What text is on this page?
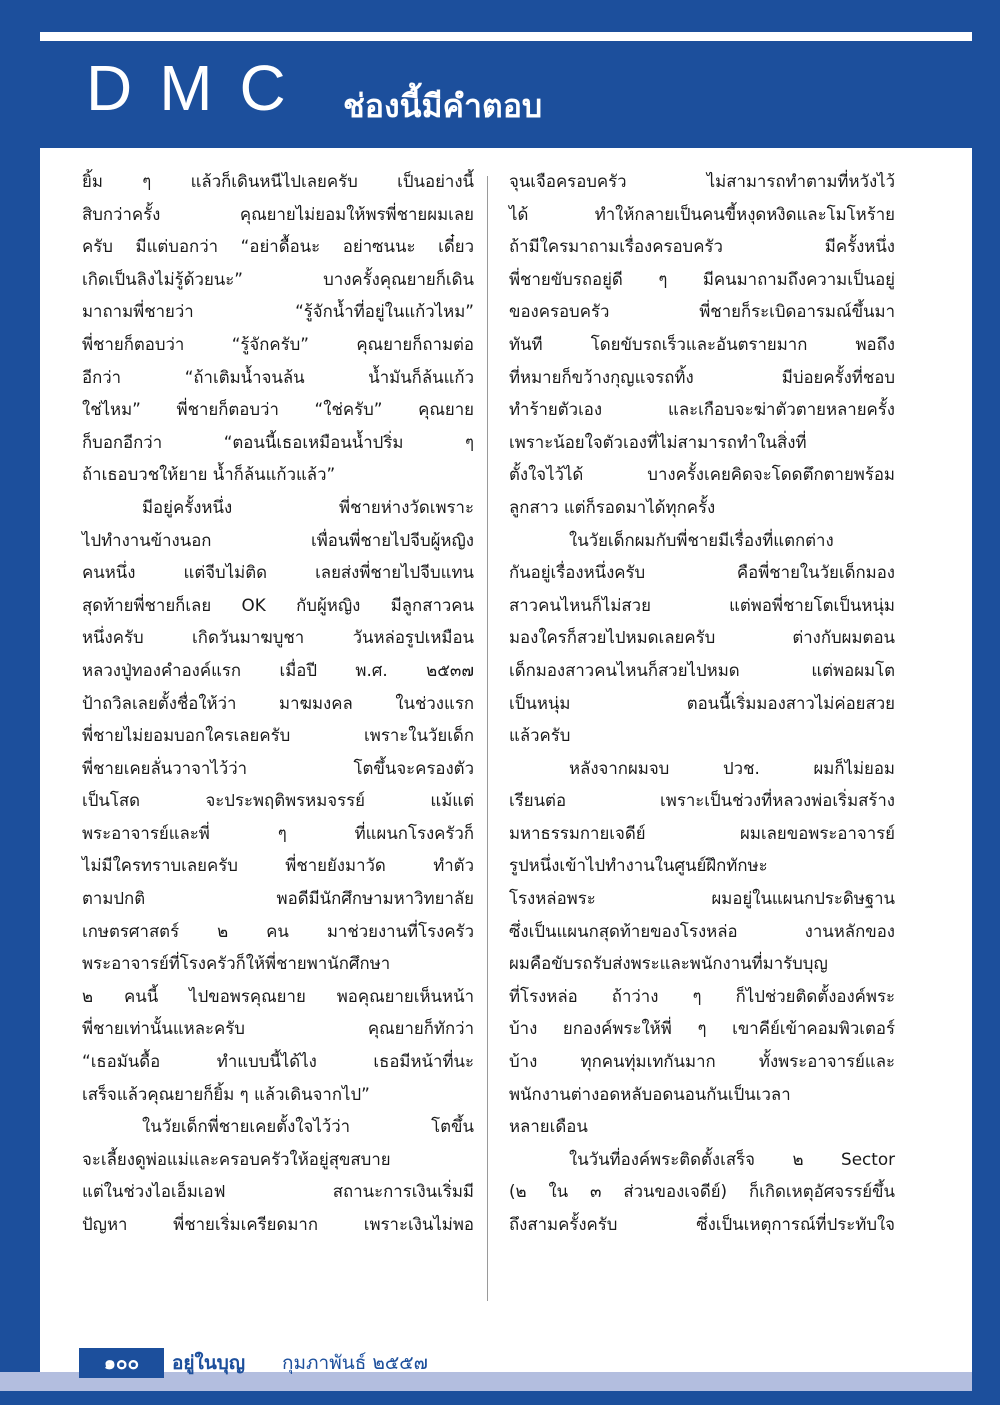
DMC ช่องนี้มีคำตอบ

ยิ้ม ๆ แล้วก็เดินหนีไปเลยครับ เป็นอย่างนี้

สิบกว่าครั้ง คุณยายไม่ยอมให้พรพี่ชายผมเลย

ครับ มีแต่บอกว่า “อย่าดื้อนะ อย่าซนนะ เดี๋ยว

เกิดเป็นลิงไม่รู้ด้วยนะ” บางครั้งคุณยายก็เดิน

มาถามพี่ชายว่า “รู้จักน้ำที่อยู่ในแก้วไหม”

พี่ชายก็ตอบว่า “รู้จักครับ” คุณยายก็ถามต่อ

อีกว่า “ถ้าเติมน้ำจนล้น น้ำมันก็ล้นแก้ว

ใช่ไหม” พี่ชายก็ตอบว่า “ใช่ครับ” คุณยาย

ก็บอกอีกว่า “ตอนนี้เธอเหมือนน้ำปริ่ม ๆ

ถ้าเธอบวชให้ยาย น้ำก็ล้นแก้วแล้ว”

มีอยู่ครั้งหนึ่ง พี่ชายห่างวัดเพราะ

ไปทำงานข้างนอก เพื่อนพี่ชายไปจีบผู้หญิง

คนหนึ่ง แต่จีบไม่ติด เลยส่งพี่ชายไปจีบแทน

สุดท้ายพี่ชายก็เลย OK กับผู้หญิง มีลูกสาวคน

หนึ่งครับ เกิดวันมาฆบูชา วันหล่อรูปเหมือน

หลวงปู่ทองคำองค์แรก เมื่อปี พ.ศ. ๒๕๓๗

ป้าถวิลเลยตั้งชื่อให้ว่า มาฆมงคล ในช่วงแรก

พี่ชายไม่ยอมบอกใครเลยครับ เพราะในวัยเด็ก

พี่ชายเคยลั่นวาจาไว้ว่า โตขึ้นจะครองตัว

เป็นโสด จะประพฤติพรหมจรรย์ แม้แต่

พระอาจารย์และพี่ ๆ ที่แผนกโรงครัวก็

ไม่มีใครทราบเลยครับ พี่ชายยังมาวัด ทำตัว

ตามปกติ พอดีมีนักศึกษามหาวิทยาลัย

เกษตรศาสตร์ ๒ คน มาช่วยงานที่โรงครัว

พระอาจารย์ที่โรงครัวก็ให้พี่ชายพานักศึกษา

๒ คนนี้ ไปขอพรคุณยาย พอคุณยายเห็นหน้า

พี่ชายเท่านั้นแหละครับ คุณยายก็ทักว่า

“เธอมันดื้อ ทำแบบนี้ได้ไง เธอมีหน้าที่นะ

เสร็จแล้วคุณยายก็ยิ้ม ๆ แล้วเดินจากไป”

ในวัยเด็กพี่ชายเคยตั้งใจไว้ว่า โตขึ้น

จะเลี้ยงดูพ่อแม่และครอบครัวให้อยู่สุขสบาย

แต่ในช่วงไอเอ็มเอฟ สถานะการเงินเริ่มมี

ปัญหา พี่ชายเริ่มเครียดมาก เพราะเงินไม่พอ

จุนเจือครอบครัว ไม่สามารถทำตามที่หวังไว้

ได้ ทำให้กลายเป็นคนขี้หงุดหงิดและโมโหร้าย

ถ้ามีใครมาถามเรื่องครอบครัว มีครั้งหนึ่ง

พี่ชายขับรถอยู่ดี ๆ มีคนมาถามถึงความเป็นอยู่

ของครอบครัว พี่ชายก็ระเบิดอารมณ์ขึ้นมา

ทันที โดยขับรถเร็วและอันตรายมาก พอถึง

ที่หมายก็ขว้างกุญแจรถทิ้ง มีบ่อยครั้งที่ชอบ

ทำร้ายตัวเอง และเกือบจะฆ่าตัวตายหลายครั้ง

เพราะน้อยใจตัวเองที่ไม่สามารถทำในสิ่งที่

ตั้งใจไว้ได้ บางครั้งเคยคิดจะโดดตึกตายพร้อม

ลูกสาว แต่ก็รอดมาได้ทุกครั้ง

ในวัยเด็กผมกับพี่ชายมีเรื่องที่แตกต่าง

กันอยู่เรื่องหนึ่งครับ คือพี่ชายในวัยเด็กมอง

สาวคนไหนก็ไม่สวย แต่พอพี่ชายโตเป็นหนุ่ม

มองใครก็สวยไปหมดเลยครับ ต่างกับผมตอน

เด็กมองสาวคนไหนก็สวยไปหมด แต่พอผมโต

เป็นหนุ่ม ตอนนี้เริ่มมองสาวไม่ค่อยสวย

แล้วครับ

หลังจากผมจบ ปวช. ผมก็ไม่ยอม

เรียนต่อ เพราะเป็นช่วงที่หลวงพ่อเริ่มสร้าง

มหาธรรมกายเจดีย์ ผมเลยขอพระอาจารย์

รูปหนึ่งเข้าไปทำงานในศูนย์ฝึกทักษะ

โรงหล่อพระ ผมอยู่ในแผนกประดิษฐาน

ซึ่งเป็นแผนกสุดท้ายของโรงหล่อ งานหลักของ

ผมคือขับรถรับส่งพระและพนักงานที่มารับบุญ

ที่โรงหล่อ ถ้าว่าง ๆ ก็ไปช่วยติดตั้งองค์พระ

บ้าง ยกองค์พระให้พี่ ๆ เขาคีย์เข้าคอมพิวเตอร์

บ้าง ทุกคนทุ่มเทกันมาก ทั้งพระอาจารย์และ

พนักงานต่างอดหลับอดนอนกันเป็นเวลา

หลายเดือน

ในวันที่องค์พระติดตั้งเสร็จ ๒ Sector

(๒ ใน ๓ ส่วนของเจดีย์) ก็เกิดเหตุอัศจรรย์ขึ้น

ถึงสามครั้งครับ ซึ่งเป็นเหตุการณ์ที่ประทับใจ

๑๐๐	อยู่ในบุญ กุมภาพันธ์ ๒๕๕๗
